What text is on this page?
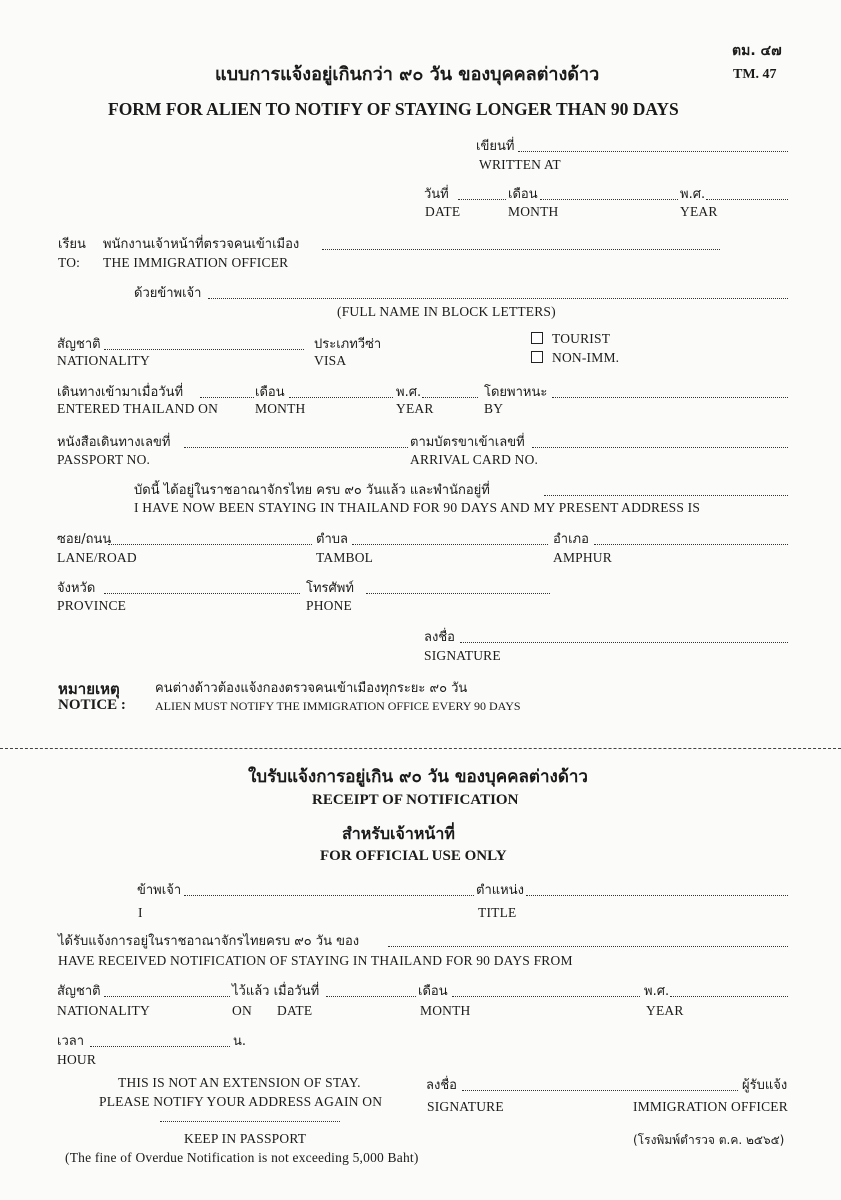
ตม. ๔๗
TM. 47
แบบการแจ้งอยู่เกินกว่า ๙๐ วัน ของบุคคลต่างด้าว
FORM FOR ALIEN TO NOTIFY OF STAYING LONGER THAN 90 DAYS
เขียนที่
WRITTEN AT
วันที่	เดือน	พ.ศ.
DATE	MONTH	YEAR
เรียน พนักงานเจ้าหน้าที่ตรวจคนเข้าเมือง
TO: THE IMMIGRATION OFFICER
ด้วยข้าพเจ้า
(FULL NAME IN BLOCK LETTERS)
สัญชาติ
NATIONALITY
ประเภทวีซ่า
VISA
TOURIST
NON-IMM.
เดินทางเข้ามาเมื่อวันที่	เดือน	พ.ศ.	โดยพาหนะ
ENTERED THAILAND ON	MONTH	YEAR	BY
หนังสือเดินทางเลขที่
PASSPORT NO.
ตามบัตรขาเข้าเลขที่
ARRIVAL CARD NO.
บัดนี้ ได้อยู่ในราชอาณาจักรไทย ครบ ๙๐ วันแล้ว และพำนักอยู่ที่
I HAVE NOW BEEN STAYING IN THAILAND FOR 90 DAYS AND MY PRESENT ADDRESS IS
ซอย/ถนน
LANE/ROAD
ตำบล
TAMBOL
อำเภอ
AMPHUR
จังหวัด
PROVINCE
โทรศัพท์
PHONE
ลงชื่อ
SIGNATURE
หมายเหตุ	คนต่างด้าวต้องแจ้งกองตรวจคนเข้าเมืองทุกระยะ ๙๐ วัน
NOTICE : ALIEN MUST NOTIFY THE IMMIGRATION OFFICE EVERY 90 DAYS
ใบรับแจ้งการอยู่เกิน ๙๐ วัน ของบุคคลต่างด้าว
RECEIPT OF NOTIFICATION
สำหรับเจ้าหน้าที่
FOR OFFICIAL USE ONLY
ข้าพเจ้า
I
ตำแหน่ง
TITLE
ได้รับแจ้งการอยู่ในราชอาณาจักรไทยครบ ๙๐ วัน ของ
HAVE RECEIVED NOTIFICATION OF STAYING IN THAILAND FOR 90 DAYS FROM
สัญชาติ
NATIONALITY
ไว้แล้ว เมื่อวันที่
ON DATE
เดือน
MONTH
พ.ศ.
YEAR
เวลา	น.
HOUR
THIS IS NOT AN EXTENSION OF STAY.
PLEASE NOTIFY YOUR ADDRESS AGAIN ON
ลงชื่อ	ผู้รับแจ้ง
SIGNATURE	IMMIGRATION OFFICER
KEEP IN PASSPORT
(The fine of Overdue Notification is not exceeding 5,000 Baht)
(โรงพิมพ์ตำรวจ ต.ค. ๒๕๖๕)
